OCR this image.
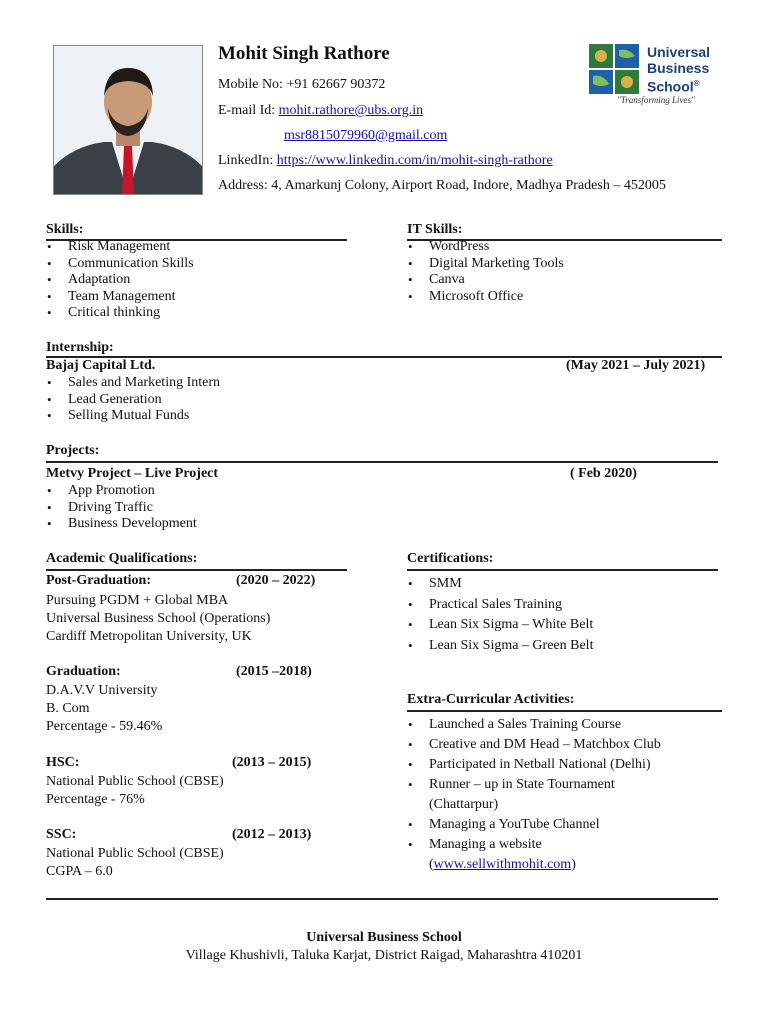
Mohit Singh Rathore
Mobile No: +91 62667 90372
E-mail Id: mohit.rathore@ubs.org.in
msr8815079960@gmail.com
LinkedIn: https://www.linkedin.com/in/mohit-singh-rathore
Address: 4, Amarkunj Colony, Airport Road, Indore, Madhya Pradesh – 452005
Universal
Business
School®
"Transforming Lives"
Skills:
• Risk Management
• Communication Skills
• Adaptation
• Team Management
• Critical thinking
IT Skills:
• WordPress
• Digital Marketing Tools
• Canva
• Microsoft Office
Internship:
Bajaj Capital Ltd.	(May 2021 – July 2021)
• Sales and Marketing Intern
• Lead Generation
• Selling Mutual Funds
Projects:
Metvy Project – Live Project	( Feb 2020)
• App Promotion
• Driving Traffic
• Business Development
Academic Qualifications:
Post-Graduation:	(2020 – 2022)
Pursuing PGDM + Global MBA
Universal Business School (Operations)
Cardiff Metropolitan University, UK
Graduation:	(2015 –2018)
D.A.V.V University
B. Com
Percentage - 59.46%
HSC:	(2013 – 2015)
National Public School (CBSE)
Percentage - 76%
SSC:	(2012 – 2013)
National Public School (CBSE)
CGPA – 6.0
Certifications:
• SMM
• Practical Sales Training
• Lean Six Sigma – White Belt
• Lean Six Sigma – Green Belt
Extra-Curricular Activities:
• Launched a Sales Training Course
• Creative and DM Head – Matchbox Club
• Participated in Netball National (Delhi)
• Runner – up in State Tournament
(Chattarpur)
• Managing a YouTube Channel
• Managing a website
(www.sellwithmohit.com)
Universal Business School
Village Khushivli, Taluka Karjat, District Raigad, Maharashtra 410201
